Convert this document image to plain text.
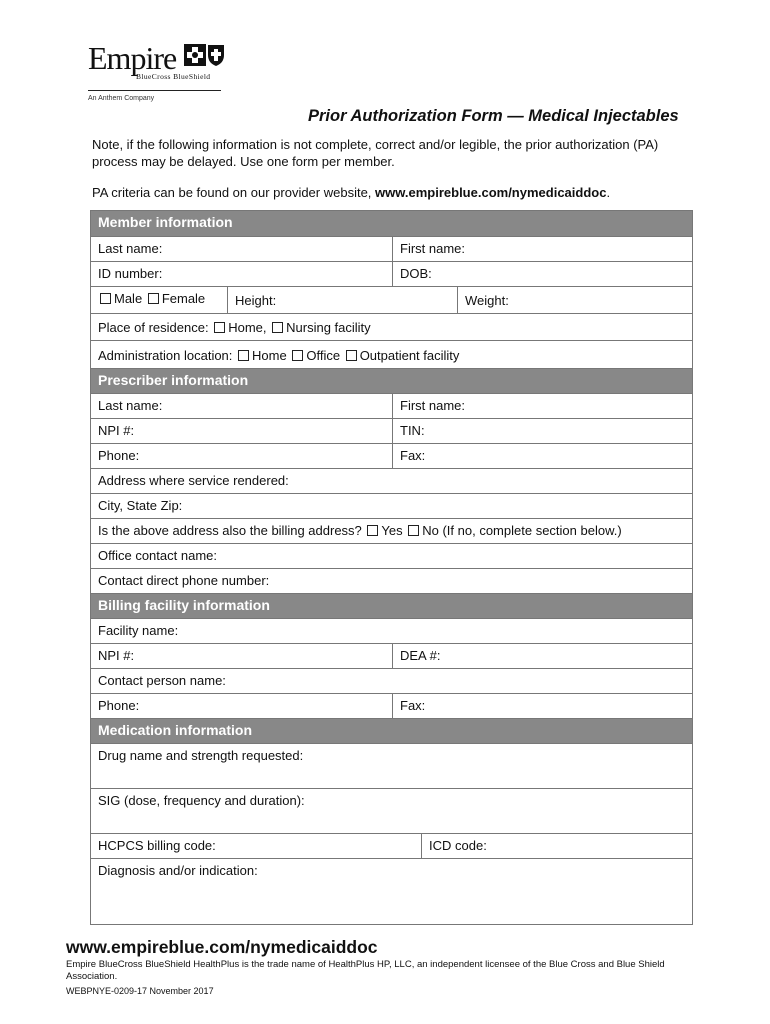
Empire
BlueCross BlueShield
An Anthem Company
Prior Authorization Form — Medical Injectables
Note, if the following information is not complete, correct and/or legible, the prior authorization (PA) process may be delayed. Use one form per member.
PA criteria can be found on our provider website, www.empireblue.com/nymedicaiddoc.
Member information
Last name:	First name:
ID number:	DOB:
Male Female	Height:	Weight:
Place of residence: Home, Nursing facility
Administration location: Home Office Outpatient facility
Prescriber information
Last name:	First name:
NPI #:	TIN:
Phone:	Fax:
Address where service rendered:
City, State Zip:
Is the above address also the billing address? Yes No (If no, complete section below.)
Office contact name:
Contact direct phone number:
Billing facility information
Facility name:
NPI #:	DEA #:
Contact person name:
Phone:	Fax:
Medication information
Drug name and strength requested:
SIG (dose, frequency and duration):
HCPCS billing code:	ICD code:
Diagnosis and/or indication:
www.empireblue.com/nymedicaiddoc
Empire BlueCross BlueShield HealthPlus is the trade name of HealthPlus HP, LLC, an independent licensee of the Blue Cross and Blue Shield Association.
WEBPNYE-0209-17 November 2017
